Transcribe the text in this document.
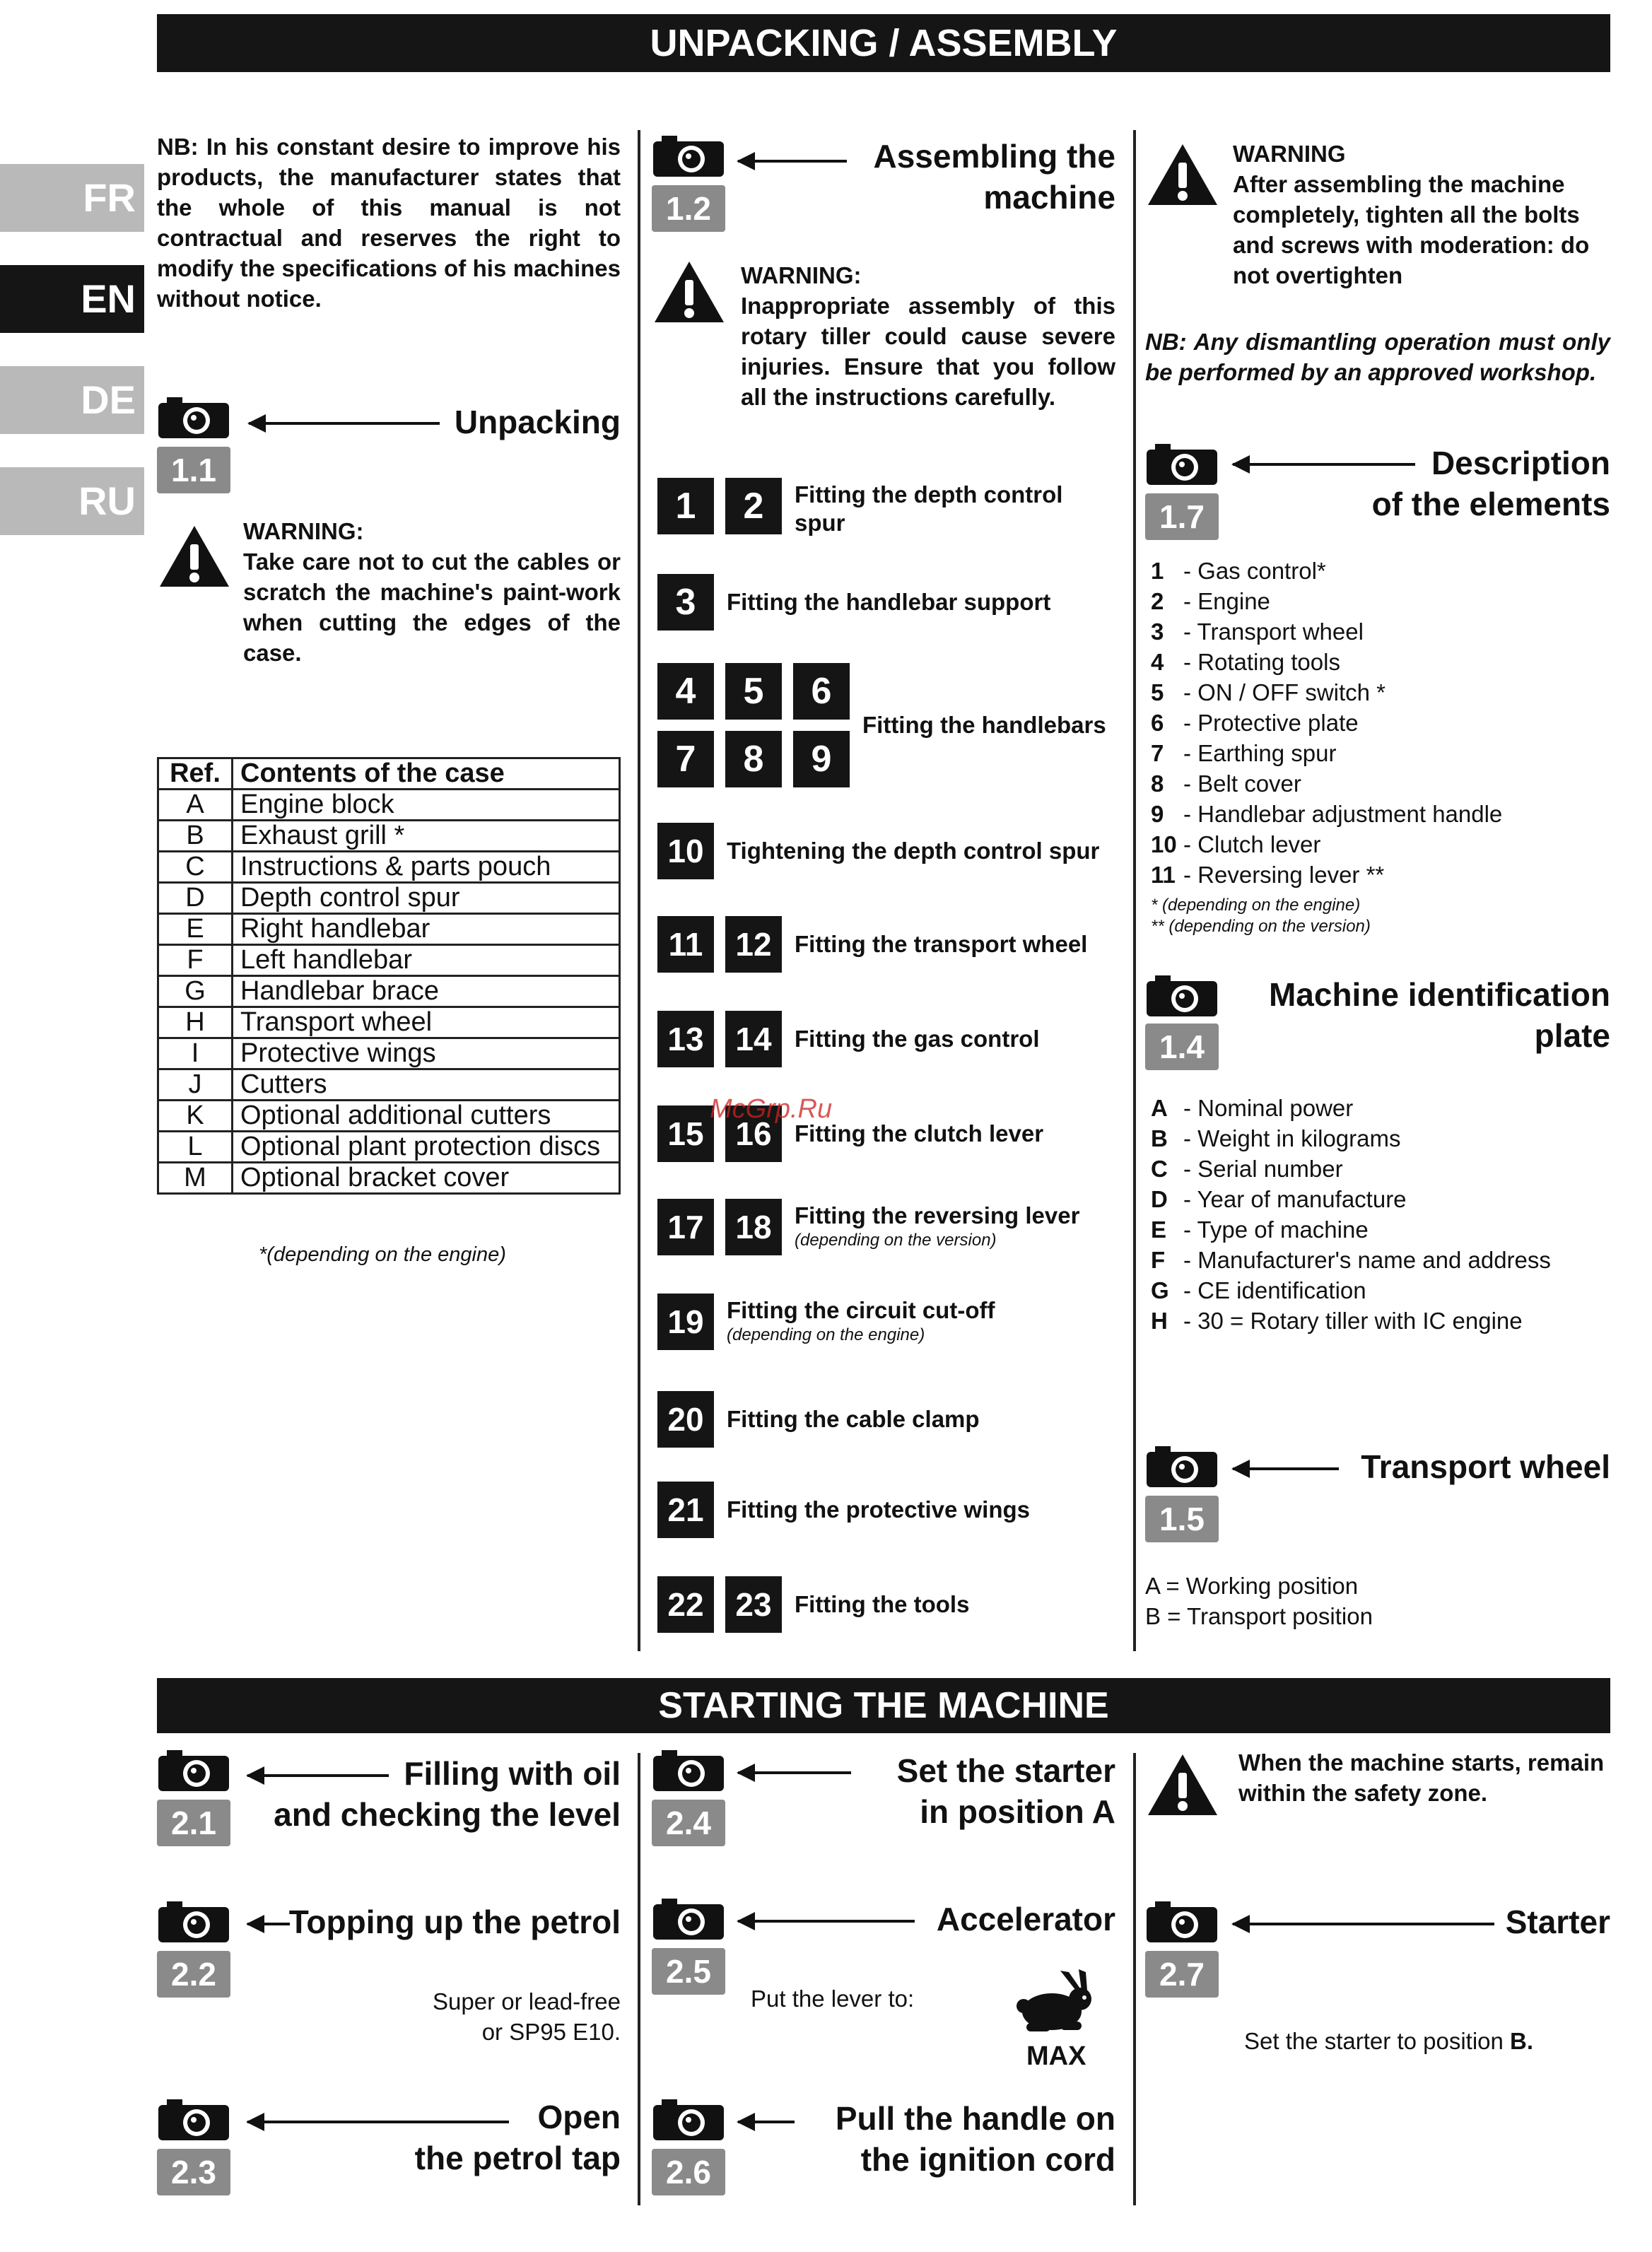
UNPACKING / ASSEMBLY
FR
EN
DE
RU
NB: In his constant desire to improve his products, the manufacturer states that the whole of this manual is not contractual and reserves the right to modify the specifications of his machines without notice.
1.1
Unpacking
WARNING:
Take care not to cut the cables or scratch the machine's paint-work when cutting the edges of the case.
Ref.	Contents of the case
A	Engine block
B	Exhaust grill *
C	Instructions & parts pouch
D	Depth control spur
E	Right handlebar
F	Left handlebar
G	Handlebar brace
H	Transport wheel
I	Protective wings
J	Cutters
K	Optional additional cutters
L	Optional plant protection discs
M	Optional bracket cover
*(depending on the engine)
1.2
Assembling the
machine
WARNING:
Inappropriate assembly of this rotary tiller could cause severe injuries. Ensure that you follow all the instructions carefully.
1	2	Fitting the depth control spur
3	Fitting the handlebar support
4	5	6
7	8	9
Fitting the handlebars
10 Tightening the depth control spur
11	12 Fitting the transport wheel
13 14 Fitting the gas control
15 16 Fitting the clutch lever
17 18 Fitting the reversing lever
(depending on the version)
19 Fitting the circuit cut-off
(depending on the engine)
20 Fitting the cable clamp
21 Fitting the protective wings
22 23 Fitting the tools
McGrp.Ru
WARNING
After assembling the machine completely, tighten all the bolts and screws with moderation: do not overtighten
NB: Any dismantling operation must only be performed by an approved workshop.
1.7
Description
of the elements
1 - Gas control*
2 - Engine
3 - Transport wheel
4 - Rotating tools
5 - ON / OFF switch *
6 - Protective plate
7 - Earthing spur
8 - Belt cover
9 - Handlebar adjustment handle
10 - Clutch lever
11 - Reversing lever **
* (depending on the engine)
** (depending on the version)
1.4
Machine identification
plate
A - Nominal power
B - Weight in kilograms
C - Serial number
D - Year of manufacture
E - Type of machine
F - Manufacturer's name and address
G - CE identification
H - 30 = Rotary tiller with IC engine
1.5
Transport wheel
A = Working position
B = Transport position
STARTING THE MACHINE
2.1
Filling with oil
and checking the level
2.2
Topping up the petrol
Super or lead-free
or SP95 E10.
2.3
Open
the petrol tap
2.4
Set the starter
in position A
2.5
Accelerator
Put the lever to:
MAX
2.6
Pull the handle on
the ignition cord
When the machine starts, remain within the safety zone.
2.7
Starter
Set the starter to position B.
